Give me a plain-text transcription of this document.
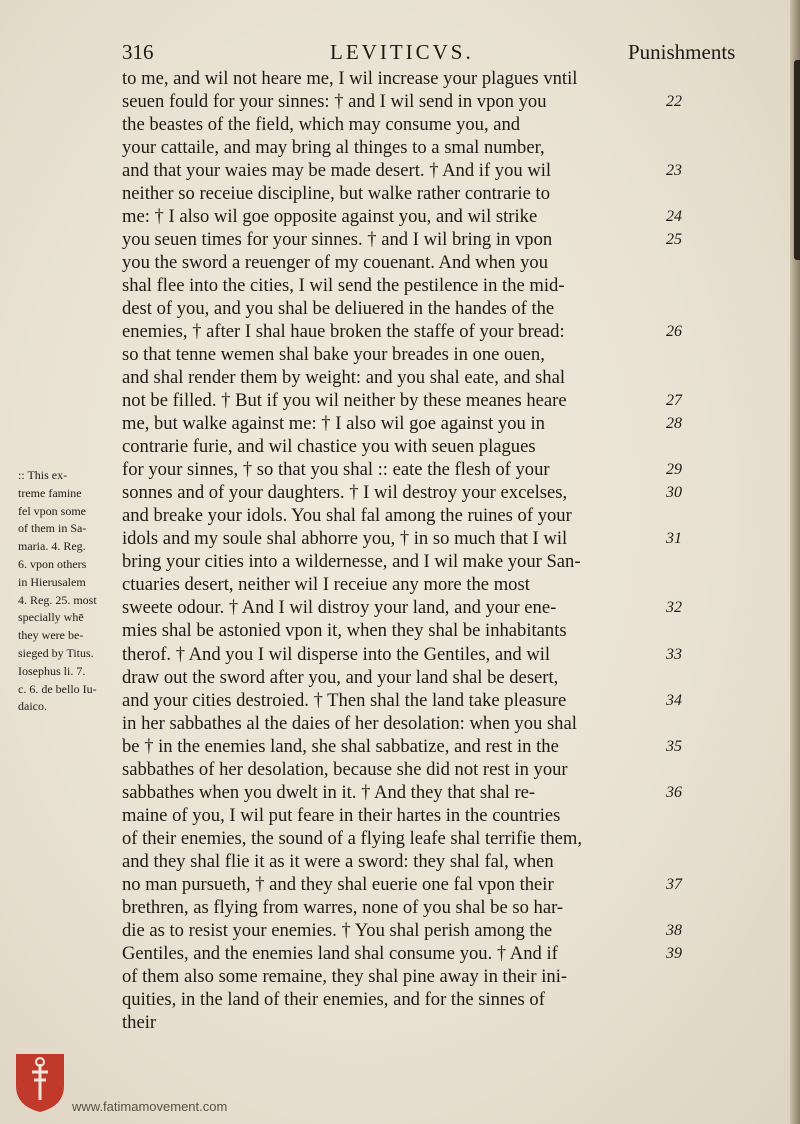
316	LEVITICVS.	Punishments
to me, and wil not heare me, I wil increase your plagues vntil
seuen fould for your sinnes: † and I wil send in vpon you
the beastes of the field, which may consume you, and
your cattaile, and may bring al thinges to a smal number,
and that your waies may be made desert. † And if you wil
neither so receiue discipline, but walke rather contrarie to
me: † I also wil goe opposite against you, and wil strike
you seuen times for your sinnes. † and I wil bring in vpon
you the sword a reuenger of my couenant. And when you
shal flee into the cities, I wil send the pestilence in the mid-
dest of you, and you shal be deliuered in the handes of the
enemies, † after I shal haue broken the staffe of your bread:
so that tenne wemen shal bake your breades in one ouen,
and shal render them by weight: and you shal eate, and shal
not be filled. † But if you wil neither by these meanes heare
me, but walke against me: † I also wil goe against you in
contrarie furie, and wil chastice you with seuen plagues
for your sinnes, † so that you shal :: eate the flesh of your
sonnes and of your daughters. † I wil destroy your excelses,
and breake your idols. You shal fal among the ruines of your
idols and my soule shal abhorre you, † in so much that I wil
bring your cities into a wildernesse, and I wil make your San-
ctuaries desert, neither wil I receiue any more the most
sweete odour. † And I wil distroy your land, and your ene-
mies shal be astonied vpon it, when they shal be inhabitants
therof. † And you I wil disperse into the Gentiles, and wil
draw out the sword after you, and your land shal be desert,
and your cities destroied. † Then shal the land take pleasure
in her sabbathes al the daies of her desolation: when you shal
be † in the enemies land, she shal sabbatize, and rest in the
sabbathes of her desolation, because she did not rest in your
sabbathes when you dwelt in it. † And they that shal re-
maine of you, I wil put feare in their hartes in the countries
of their enemies, the sound of a flying leafe shal terrifie them,
and they shal flie it as it were a sword: they shal fal, when
no man pursueth, † and they shal euerie one fal vpon their
brethren, as flying from warres, none of you shal be so har-
die as to resist your enemies. † You shal perish among the
Gentiles, and the enemies land shal consume you. † And if
of them also some remaine, they shal pine away in their ini-
quities, in the land of their enemies, and for the sinnes of
their
22
23
24
25
26
27
28
29
30
31
32
33
34
35
36
37
38
39
:: This ex-
treme famine
fel vpon some
of them in Sa-
maria. 4. Reg.
6. vpon others
in Hierusalem
4. Reg. 25. most
specially whē
they were be-
sieged by Titus.
Iosephus li. 7.
c. 6. de bello Iu-
daico.
www.fatimamovement.com
